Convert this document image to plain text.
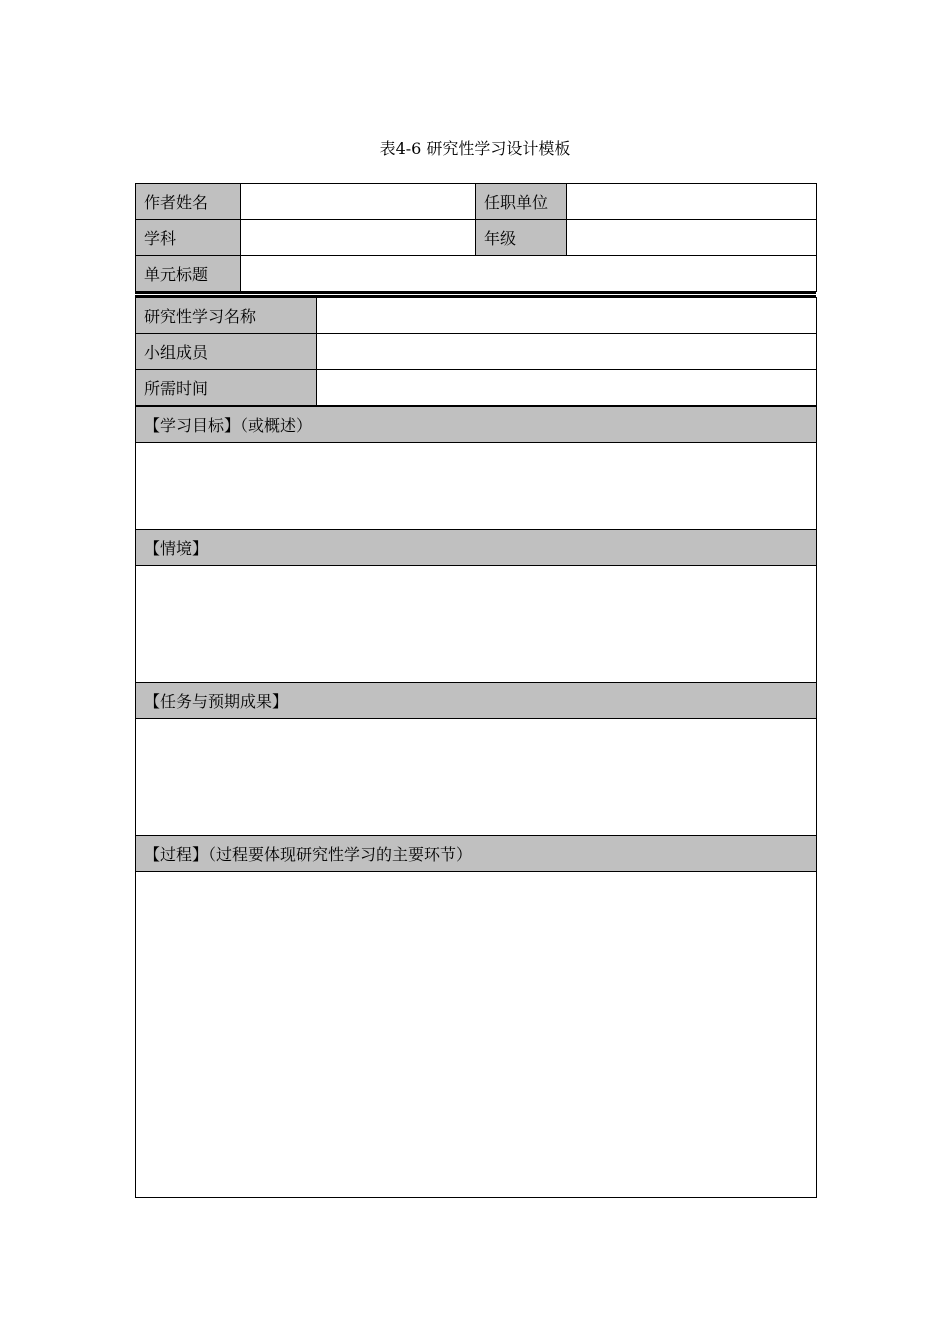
表4-6 研究性学习设计模板
作者姓名		任职单位	
学科		年级	
单元标题			
研究性学习名称	
小组成员	
所需时间	
【学习目标】（或概述）

【情境】

【任务与预期成果】

【过程】（过程要体现研究性学习的主要环节）
